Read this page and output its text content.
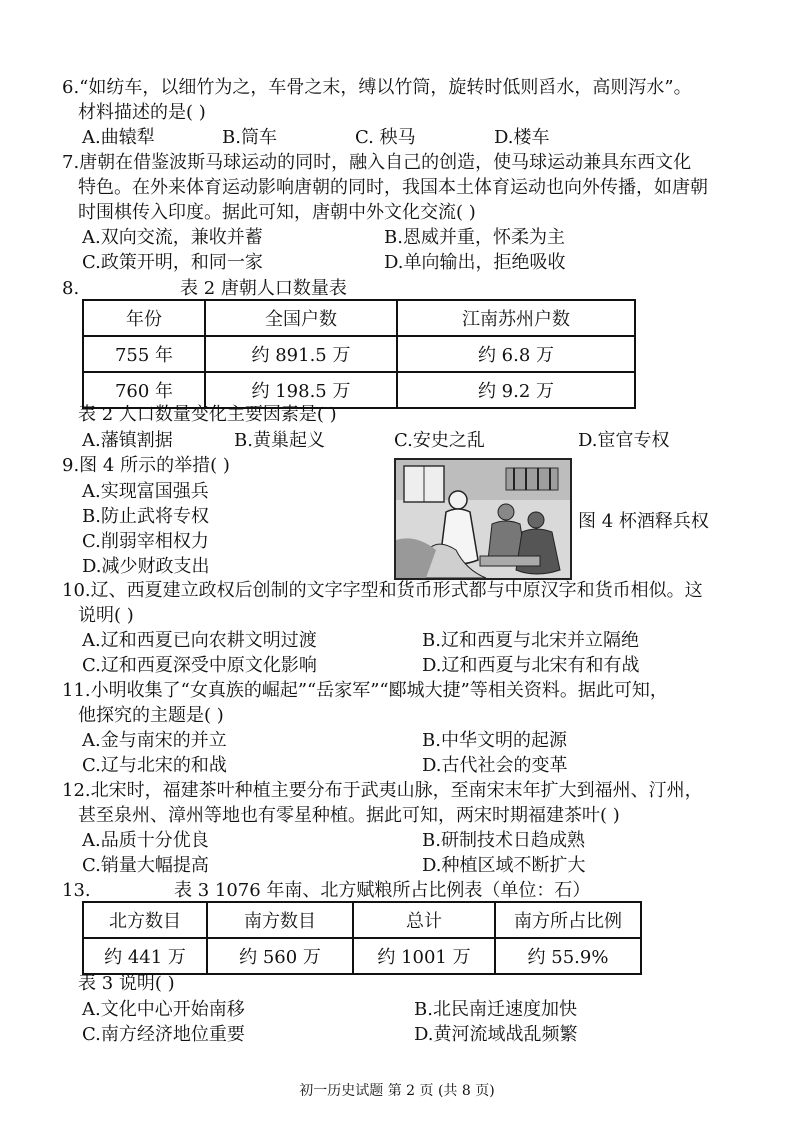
6.“如纺车，以细竹为之，车骨之末，缚以竹筒，旋转时低则舀水，高则泻水”。
材料描述的是( )
A.曲辕犁	B.筒车	C. 秧马	D.楼车
7.唐朝在借鉴波斯马球运动的同时，融入自己的创造，使马球运动兼具东西文化
特色。在外来体育运动影响唐朝的同时，我国本土体育运动也向外传播，如唐朝
时围棋传入印度。据此可知，唐朝中外文化交流( )
A.双向交流，兼收并蓄	B.恩威并重，怀柔为主
C.政策开明，和同一家	D.单向输出，拒绝吸收
8.	表 2 唐朝人口数量表
年份	全国户数	江南苏州户数
755 年	约 891.5 万	约 6.8 万
760 年	约 198.5 万	约 9.2 万
表 2 人口数量变化主要因素是( )
A.藩镇割据	B.黄巢起义	C.安史之乱	D.宦官专权
9.图 4 所示的举措( )
A.实现富国强兵
B.防止武将专权
C.削弱宰相权力
D.减少财政支出
图 4 杯酒释兵权
10.辽、西夏建立政权后创制的文字字型和货币形式都与中原汉字和货币相似。这
说明( )
A.辽和西夏已向农耕文明过渡	B.辽和西夏与北宋并立隔绝
C.辽和西夏深受中原文化影响	D.辽和西夏与北宋有和有战
11.小明收集了“女真族的崛起”“岳家军”“郾城大捷”等相关资料。据此可知，
他探究的主题是( )
A.金与南宋的并立	B.中华文明的起源
C.辽与北宋的和战	D.古代社会的变革
12.北宋时，福建茶叶种植主要分布于武夷山脉，至南宋末年扩大到福州、汀州，
甚至泉州、漳州等地也有零星种植。据此可知，两宋时期福建茶叶( )
A.品质十分优良	B.研制技术日趋成熟
C.销量大幅提高	D.种植区域不断扩大
13.	表 3 1076 年南、北方赋粮所占比例表（单位：石）
北方数目	南方数目	总计	南方所占比例
约 441 万	约 560 万	约 1001 万	约 55.9%
表 3 说明( )
A.文化中心开始南移	B.北民南迁速度加快
C.南方经济地位重要	D.黄河流域战乱频繁
初一历史试题 第 2 页 (共 8 页)
